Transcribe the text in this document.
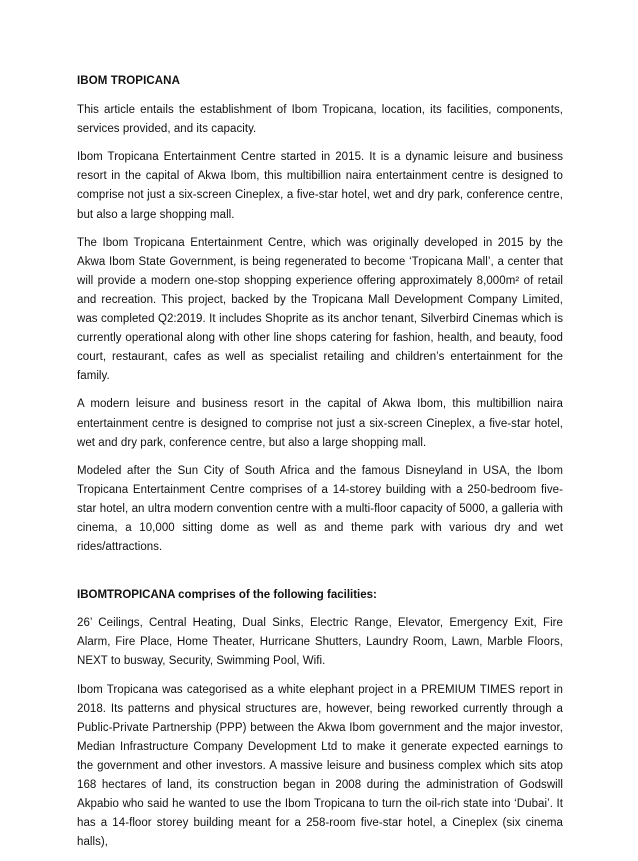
IBOM TROPICANA

This article entails the establishment of Ibom Tropicana, location, its facilities, components, services provided, and its capacity.

Ibom Tropicana Entertainment Centre started in 2015. It is a dynamic leisure and business resort in the capital of Akwa Ibom, this multibillion naira entertainment centre is designed to comprise not just a six-screen Cineplex, a five-star hotel, wet and dry park, conference centre, but also a large shopping mall.

The Ibom Tropicana Entertainment Centre, which was originally developed in 2015 by the Akwa Ibom State Government, is being regenerated to become ‘Tropicana Mall’, a center that will provide a modern one-stop shopping experience offering approximately 8,000m² of retail and recreation. This project, backed by the Tropicana Mall Development Company Limited, was completed Q2:2019. It includes Shoprite as its anchor tenant, Silverbird Cinemas which is currently operational along with other line shops catering for fashion, health, and beauty, food court, restaurant, cafes as well as specialist retailing and children’s entertainment for the family.

A modern leisure and business resort in the capital of Akwa Ibom, this multibillion naira entertainment centre is designed to comprise not just a six-screen Cineplex, a five-star hotel, wet and dry park, conference centre, but also a large shopping mall.

Modeled after the Sun City of South Africa and the famous Disneyland in USA, the Ibom Tropicana Entertainment Centre comprises of a 14-storey building with a 250-bedroom five-star hotel, an ultra modern convention centre with a multi-floor capacity of 5000, a galleria with cinema, a 10,000 sitting dome as well as and theme park with various dry and wet rides/attractions.

IBOMTROPICANA comprises of the following facilities:

26’ Ceilings, Central Heating, Dual Sinks, Electric Range, Elevator, Emergency Exit, Fire Alarm, Fire Place, Home Theater, Hurricane Shutters, Laundry Room, Lawn, Marble Floors, NEXT to busway, Security, Swimming Pool, Wifi.

Ibom Tropicana was categorised as a white elephant project in a PREMIUM TIMES report in 2018. Its patterns and physical structures are, however, being reworked currently through a Public-Private Partnership (PPP) between the Akwa Ibom government and the major investor, Median Infrastructure Company Development Ltd to make it generate expected earnings to the government and other investors. A massive leisure and business complex which sits atop 168 hectares of land, its construction began in 2008 during the administration of Godswill Akpabio who said he wanted to use the Ibom Tropicana to turn the oil-rich state into ‘Dubai’. It has a 14-floor storey building meant for a 258-room five-star hotel, a Cineplex (six cinema halls),
